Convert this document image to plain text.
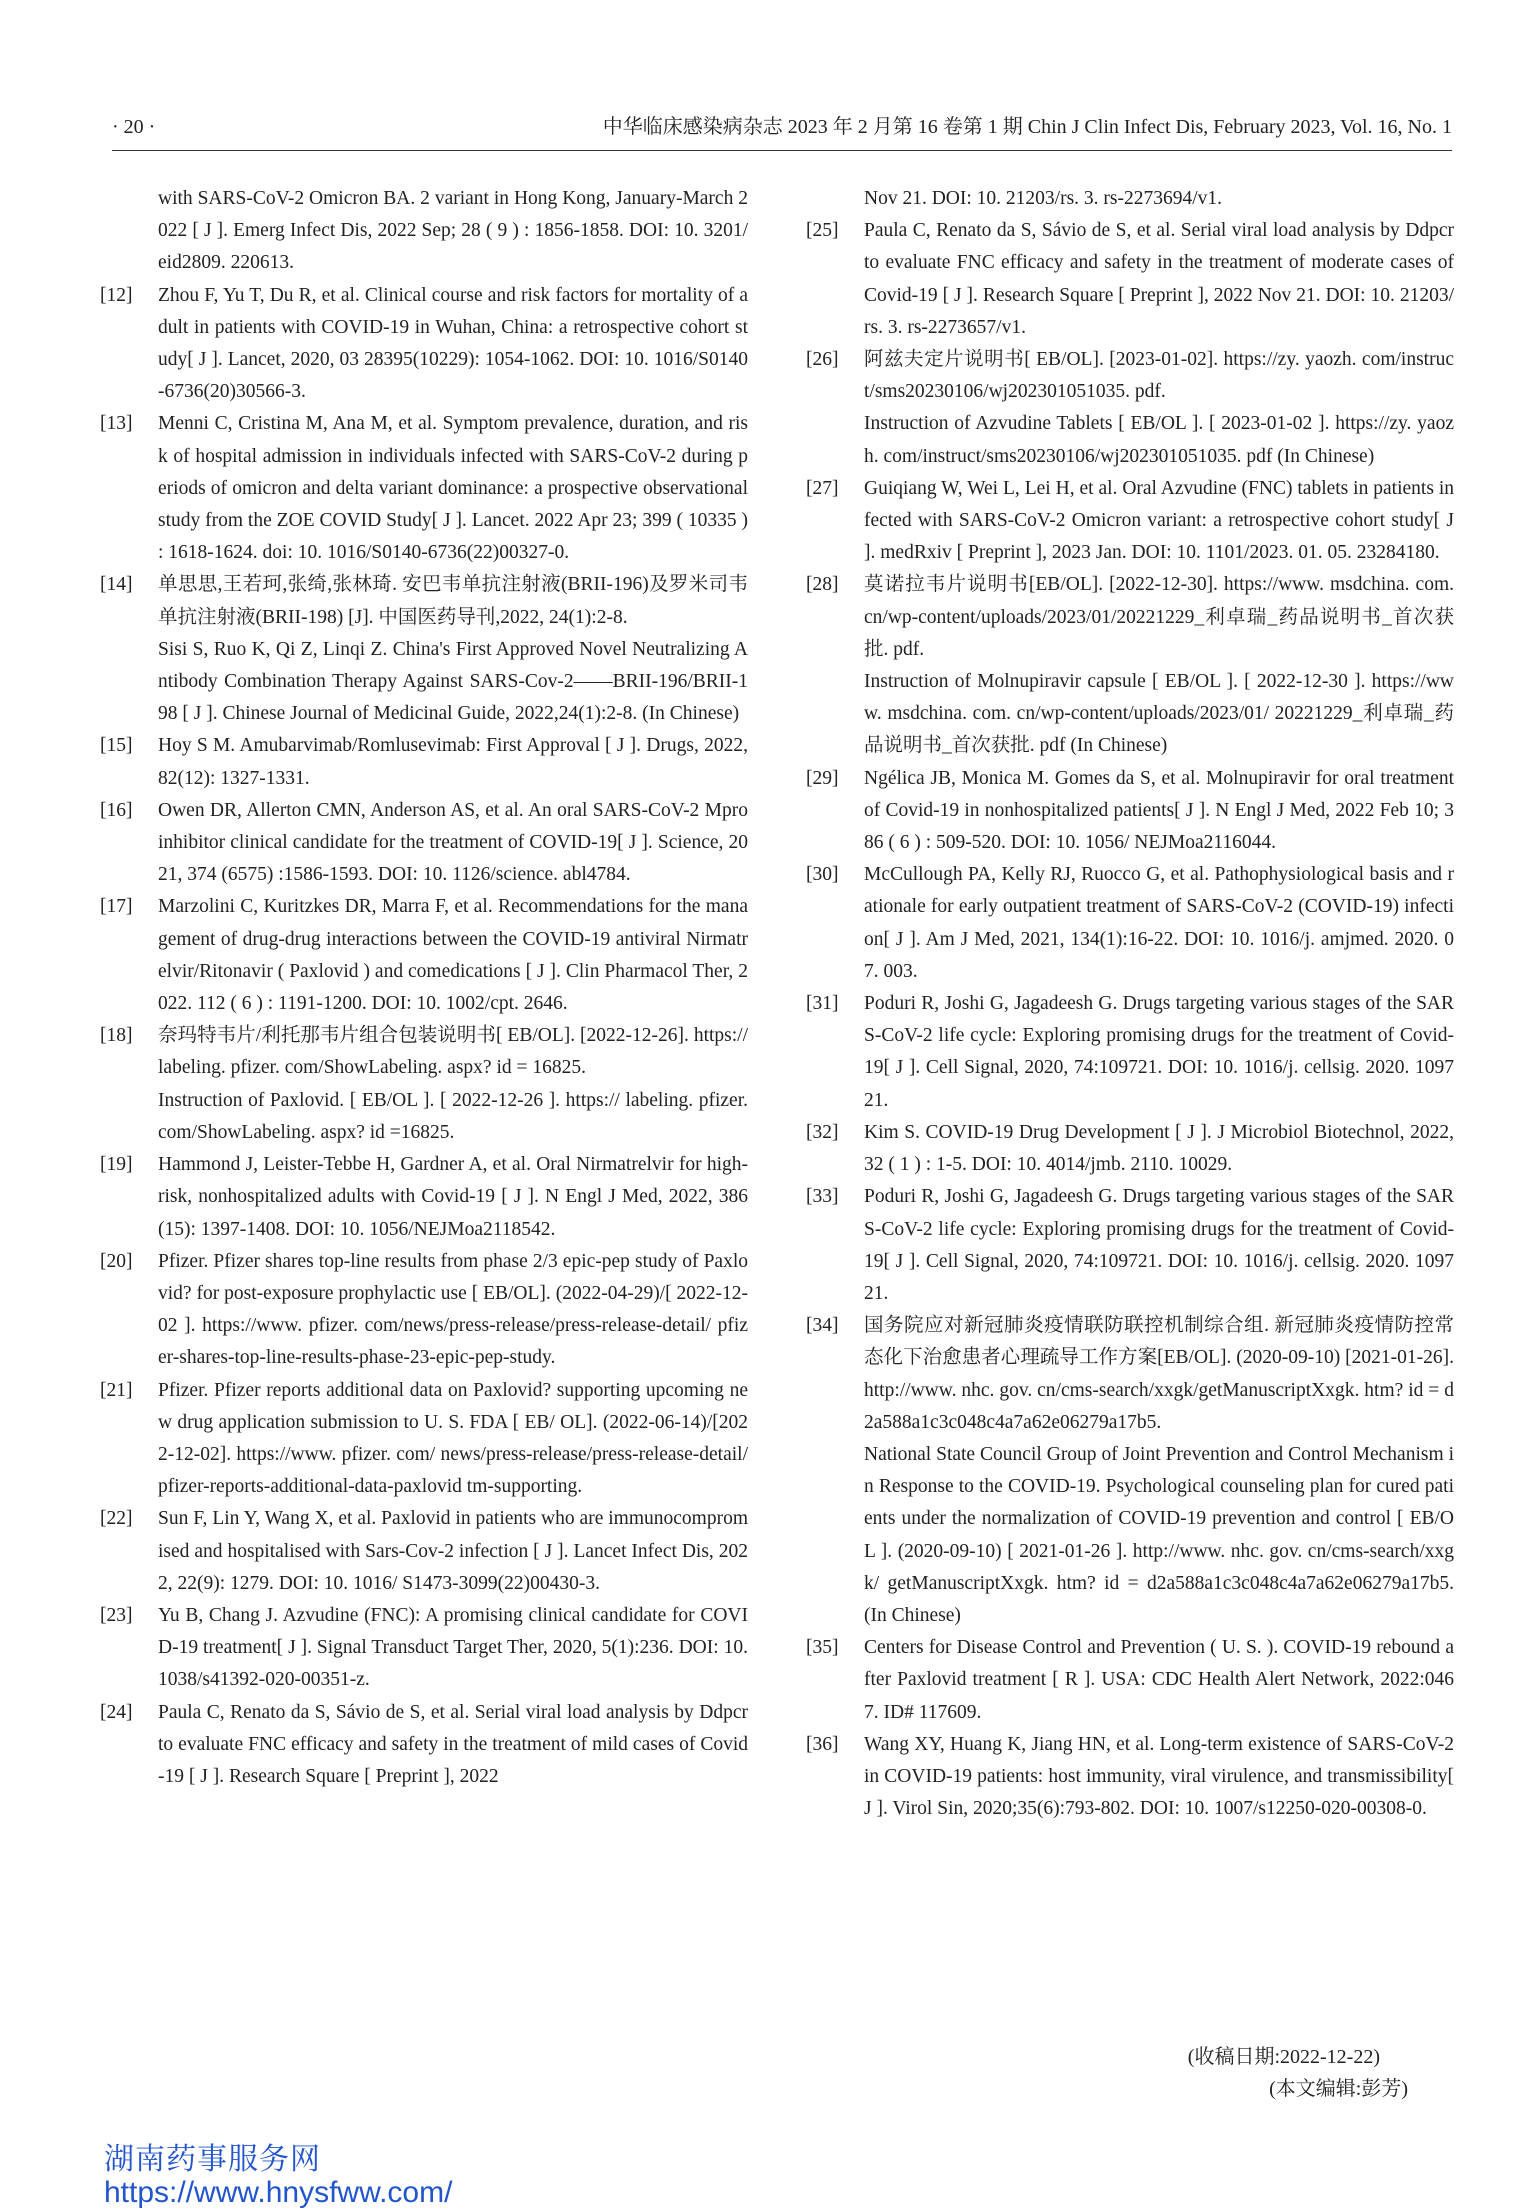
· 20 ·	中华临床感染病杂志 2023 年 2 月第 16 卷第 1 期 Chin J Clin Infect Dis, February 2023, Vol. 16, No. 1

with SARS-CoV-2 Omicron BA. 2 variant in Hong Kong, January-March 2022 [ J ]. Emerg Infect Dis, 2022 Sep; 28 ( 9 ) : 1856-1858. DOI: 10. 3201/eid2809. 220613.

[12]	Zhou F, Yu T, Du R, et al. Clinical course and risk factors for mortality of adult in patients with COVID-19 in Wuhan, China: a retrospective cohort study[ J ]. Lancet, 2020, 03 28395(10229): 1054-1062. DOI: 10. 1016/S0140-6736(20)30566-3.

[13]	Menni C, Cristina M, Ana M, et al. Symptom prevalence, duration, and risk of hospital admission in individuals infected with SARS-CoV-2 during periods of omicron and delta variant dominance: a prospective observational study from the ZOE COVID Study[ J ]. Lancet. 2022 Apr 23; 399 ( 10335 ) : 1618-1624. doi: 10. 1016/S0140-6736(22)00327-0.

[14]	单思思,王若珂,张绮,张林琦. 安巴韦单抗注射液(BRII-196)及罗米司韦单抗注射液(BRII-198) [J]. 中国医药导刊,2022, 24(1):2-8.

Sisi S, Ruo K, Qi Z, Linqi Z. China's First Approved Novel Neutralizing Antibody Combination Therapy Against SARS-Cov-2——BRII-196/BRII-198 [ J ]. Chinese Journal of Medicinal Guide, 2022,24(1):2-8. (In Chinese)

[15]	Hoy S M. Amubarvimab/Romlusevimab: First Approval [ J ]. Drugs, 2022, 82(12): 1327-1331.

[16]	Owen DR, Allerton CMN, Anderson AS, et al. An oral SARS-CoV-2 Mpro inhibitor clinical candidate for the treatment of COVID-19[ J ]. Science, 2021, 374 (6575) :1586-1593. DOI: 10. 1126/science. abl4784.

[17]	Marzolini C, Kuritzkes DR, Marra F, et al. Recommendations for the management of drug-drug interactions between the COVID-19 antiviral Nirmatrelvir/Ritonavir ( Paxlovid ) and comedications [ J ]. Clin Pharmacol Ther, 2022. 112 ( 6 ) : 1191-1200. DOI: 10. 1002/cpt. 2646.

[18]	奈玛特韦片/利托那韦片组合包装说明书[ EB/OL]. [2022-12-26]. https://labeling. pfizer. com/ShowLabeling. aspx? id = 16825.

Instruction of Paxlovid. [ EB/OL ]. [ 2022-12-26 ]. https:// labeling. pfizer. com/ShowLabeling. aspx? id =16825.

[19]	Hammond J, Leister-Tebbe H, Gardner A, et al. Oral Nirmatrelvir for high-risk, nonhospitalized adults with Covid-19 [ J ]. N Engl J Med, 2022, 386 (15): 1397-1408. DOI: 10. 1056/NEJMoa2118542.

[20]	Pfizer. Pfizer shares top-line results from phase 2/3 epic-pep study of Paxlovid? for post-exposure prophylactic use [ EB/OL]. (2022-04-29)/[ 2022-12-02 ]. https://www. pfizer. com/news/press-release/press-release-detail/ pfizer-shares-top-line-results-phase-23-epic-pep-study.

[21]	Pfizer. Pfizer reports additional data on Paxlovid? supporting upcoming new drug application submission to U. S. FDA [ EB/ OL]. (2022-06-14)/[2022-12-02]. https://www. pfizer. com/ news/press-release/press-release-detail/pfizer-reports-additional-data-paxlovid tm-supporting.

[22]	Sun F, Lin Y, Wang X, et al. Paxlovid in patients who are immunocompromised and hospitalised with Sars-Cov-2 infection [ J ]. Lancet Infect Dis, 2022, 22(9): 1279. DOI: 10. 1016/ S1473-3099(22)00430-3.

[23]	Yu B, Chang J. Azvudine (FNC): A promising clinical candidate for COVID-19 treatment[ J ]. Signal Transduct Target Ther, 2020, 5(1):236. DOI: 10. 1038/s41392-020-00351-z.

[24]	Paula C, Renato da S, Sávio de S, et al. Serial viral load analysis by Ddpcr to evaluate FNC efficacy and safety in the treatment of mild cases of Covid-19 [ J ]. Research Square [ Preprint ], 2022

Nov 21. DOI: 10. 21203/rs. 3. rs-2273694/v1.

[25]	Paula C, Renato da S, Sávio de S, et al. Serial viral load analysis by Ddpcr to evaluate FNC efficacy and safety in the treatment of moderate cases of Covid-19 [ J ]. Research Square [ Preprint ], 2022 Nov 21. DOI: 10. 21203/rs. 3. rs-2273657/v1.

[26]	阿兹夫定片说明书[ EB/OL]. [2023-01-02]. https://zy. yaozh. com/instruct/sms20230106/wj202301051035. pdf.

Instruction of Azvudine Tablets [ EB/OL ]. [ 2023-01-02 ]. https://zy. yaozh. com/instruct/sms20230106/wj202301051035. pdf (In Chinese)

[27]	Guiqiang W, Wei L, Lei H, et al. Oral Azvudine (FNC) tablets in patients infected with SARS-CoV-2 Omicron variant: a retrospective cohort study[ J ]. medRxiv [ Preprint ], 2023 Jan. DOI: 10. 1101/2023. 01. 05. 23284180.

[28]	莫诺拉韦片说明书[EB/OL]. [2022-12-30]. https://www. msdchina. com. cn/wp-content/uploads/2023/01/20221229_利卓瑞_药品说明书_首次获批. pdf.

Instruction of Molnupiravir capsule [ EB/OL ]. [ 2022-12-30 ]. https://www. msdchina. com. cn/wp-content/uploads/2023/01/ 20221229_利卓瑞_药品说明书_首次获批. pdf (In Chinese)

[29]	Ngélica JB, Monica M. Gomes da S, et al. Molnupiravir for oral treatment of Covid-19 in nonhospitalized patients[ J ]. N Engl J Med, 2022 Feb 10; 386 ( 6 ) : 509-520. DOI: 10. 1056/ NEJMoa2116044.

[30]	McCullough PA, Kelly RJ, Ruocco G, et al. Pathophysiological basis and rationale for early outpatient treatment of SARS-CoV-2 (COVID-19) infection[ J ]. Am J Med, 2021, 134(1):16-22. DOI: 10. 1016/j. amjmed. 2020. 07. 003.

[31]	Poduri R, Joshi G, Jagadeesh G. Drugs targeting various stages of the SARS-CoV-2 life cycle: Exploring promising drugs for the treatment of Covid-19[ J ]. Cell Signal, 2020, 74:109721. DOI: 10. 1016/j. cellsig. 2020. 109721.

[32]	Kim S. COVID-19 Drug Development [ J ]. J Microbiol Biotechnol, 2022, 32 ( 1 ) : 1-5. DOI: 10. 4014/jmb. 2110. 10029.

[33]	Poduri R, Joshi G, Jagadeesh G. Drugs targeting various stages of the SARS-CoV-2 life cycle: Exploring promising drugs for the treatment of Covid-19[ J ]. Cell Signal, 2020, 74:109721. DOI: 10. 1016/j. cellsig. 2020. 109721.

[34]	国务院应对新冠肺炎疫情联防联控机制综合组. 新冠肺炎疫情防控常态化下治愈患者心理疏导工作方案[EB/OL]. (2020-09-10) [2021-01-26]. http://www. nhc. gov. cn/cms-search/xxgk/getManuscriptXxgk. htm? id = d2a588a1c3c048c4a7a62e06279a17b5.

National State Council Group of Joint Prevention and Control Mechanism in Response to the COVID-19. Psychological counseling plan for cured patients under the normalization of COVID-19 prevention and control [ EB/OL ]. (2020-09-10) [ 2021-01-26 ]. http://www. nhc. gov. cn/cms-search/xxgk/ getManuscriptXxgk. htm? id = d2a588a1c3c048c4a7a62e06279a17b5. (In Chinese)

[35]	Centers for Disease Control and Prevention ( U. S. ). COVID-19 rebound after Paxlovid treatment [ R ]. USA: CDC Health Alert Network, 2022:0467. ID# 117609.

[36]	Wang XY, Huang K, Jiang HN, et al. Long-term existence of SARS-CoV-2 in COVID-19 patients: host immunity, viral virulence, and transmissibility[ J ]. Virol Sin, 2020;35(6):793-802. DOI: 10. 1007/s12250-020-00308-0.

(收稿日期:2022-12-22)
(本文编辑:彭芳)
湖南药事服务网
https://www.hnysfww.com/
